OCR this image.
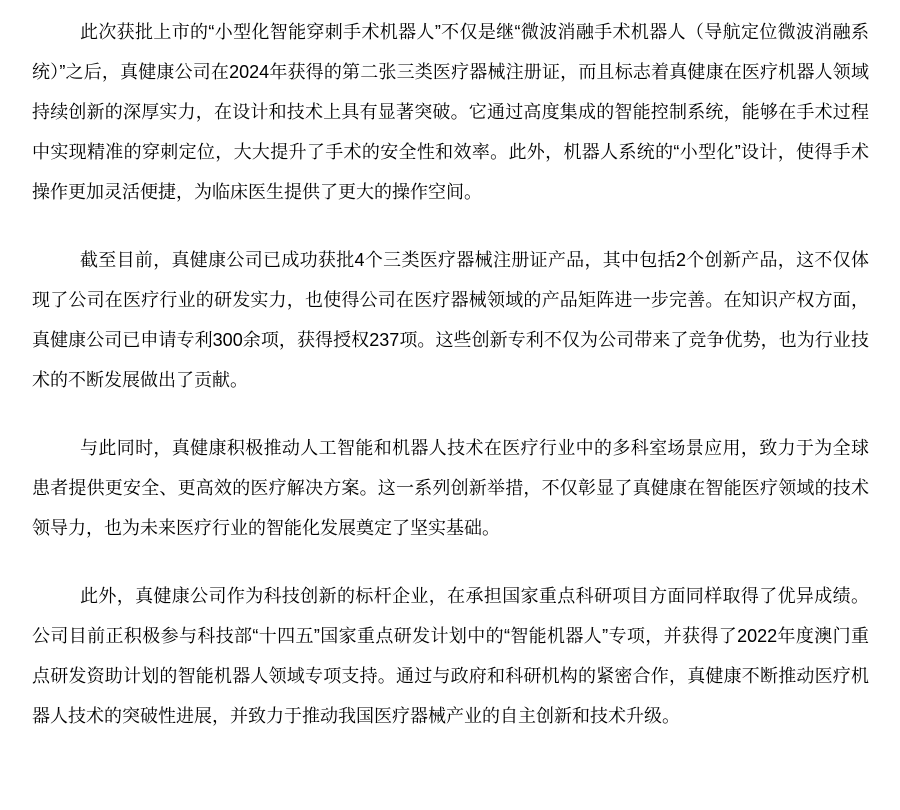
此次获批上市的“小型化智能穿刺手术机器人”不仅是继“微波消融手术机器人（导航定位微波消融系统）”之后，真健康公司在2024年获得的第二张三类医疗器械注册证，而且标志着真健康在医疗机器人领域持续创新的深厚实力，在设计和技术上具有显著突破。它通过高度集成的智能控制系统，能够在手术过程中实现精准的穿刺定位，大大提升了手术的安全性和效率。此外，机器人系统的“小型化”设计，使得手术操作更加灵活便捷，为临床医生提供了更大的操作空间。

截至目前，真健康公司已成功获批4个三类医疗器械注册证产品，其中包括2个创新产品，这不仅体现了公司在医疗行业的研发实力，也使得公司在医疗器械领域的产品矩阵进一步完善。在知识产权方面，真健康公司已申请专利300余项，获得授权237项。这些创新专利不仅为公司带来了竞争优势，也为行业技术的不断发展做出了贡献。

与此同时，真健康积极推动人工智能和机器人技术在医疗行业中的多科室场景应用，致力于为全球患者提供更安全、更高效的医疗解决方案。这一系列创新举措，不仅彰显了真健康在智能医疗领域的技术领导力，也为未来医疗行业的智能化发展奠定了坚实基础。

此外，真健康公司作为科技创新的标杆企业，在承担国家重点科研项目方面同样取得了优异成绩。公司目前正积极参与科技部“十四五”国家重点研发计划中的“智能机器人”专项，并获得了2022年度澳门重点研发资助计划的智能机器人领域专项支持。通过与政府和科研机构的紧密合作，真健康不断推动医疗机器人技术的突破性进展，并致力于推动我国医疗器械产业的自主创新和技术升级。
